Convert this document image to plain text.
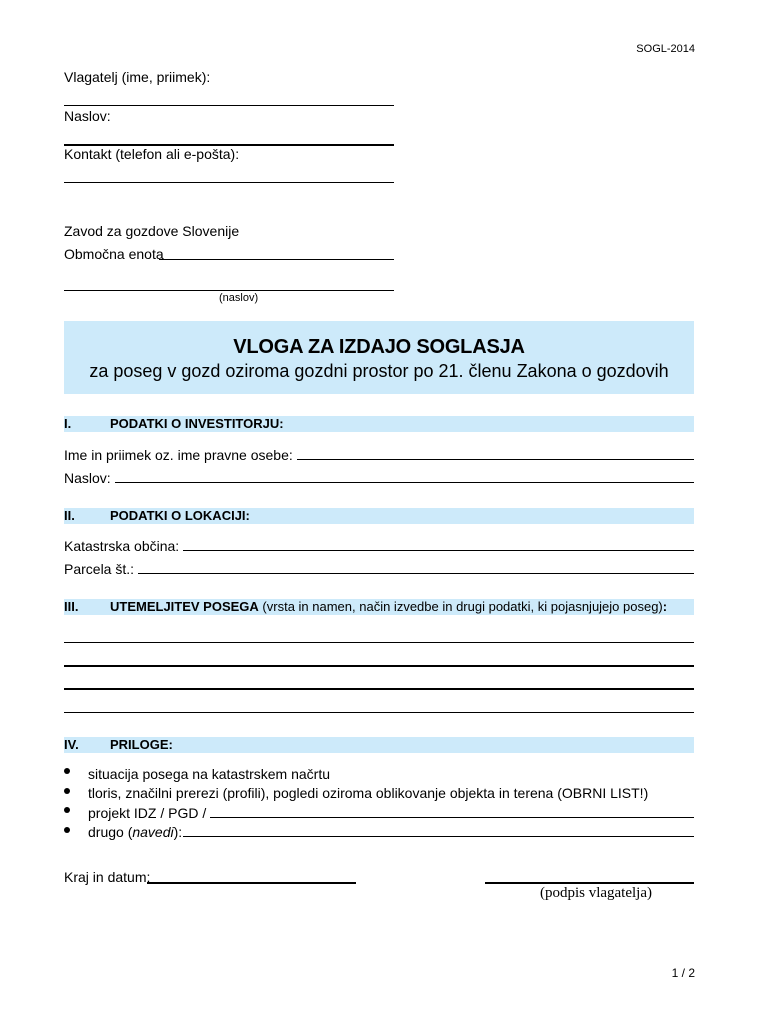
SOGL-2014
Vlagatelj (ime, priimek):
Naslov:
Kontakt (telefon ali e-pošta):
Zavod za gozdove Slovenije
Območna enota
(naslov)
VLOGA ZA IZDAJO SOGLASJA
za poseg v gozd oziroma gozdni prostor po 21. členu Zakona o gozdovih
I.	PODATKI O INVESTITORJU:
Ime in priimek oz. ime pravne osebe:
Naslov:
II.	PODATKI O LOKACIJI:
Katastrska občina:
Parcela št.:
III. UTEMELJITEV POSEGA (vrsta in namen, način izvedbe in drugi podatki, ki pojasnjujejo poseg):
IV. PRILOGE:
situacija posega na katastrskem načrtu
tloris, značilni prerezi (profili), pogledi oziroma oblikovanje objekta in terena (OBRNI LIST!)
projekt IDZ / PGD /
drugo (navedi):
Kraj in datum:
(podpis vlagatelja)
1 / 2
